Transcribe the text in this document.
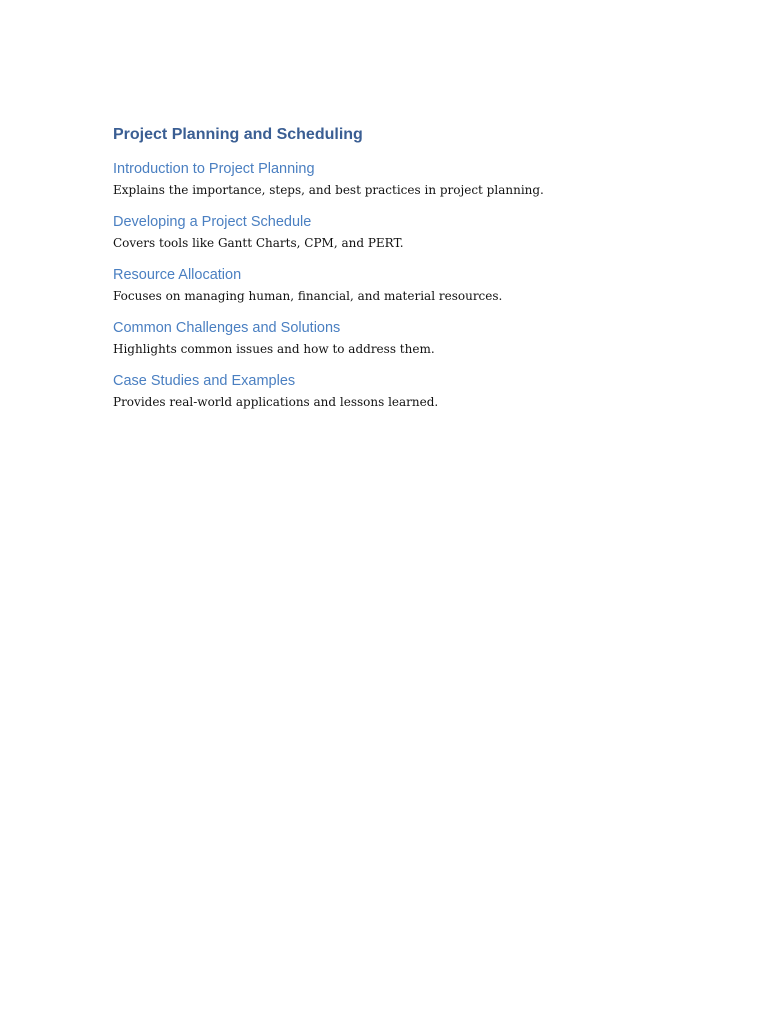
Project Planning and Scheduling
Introduction to Project Planning

Explains the importance, steps, and best practices in project planning.

Developing a Project Schedule

Covers tools like Gantt Charts, CPM, and PERT.

Resource Allocation

Focuses on managing human, financial, and material resources.

Common Challenges and Solutions

Highlights common issues and how to address them.

Case Studies and Examples

Provides real-world applications and lessons learned.
